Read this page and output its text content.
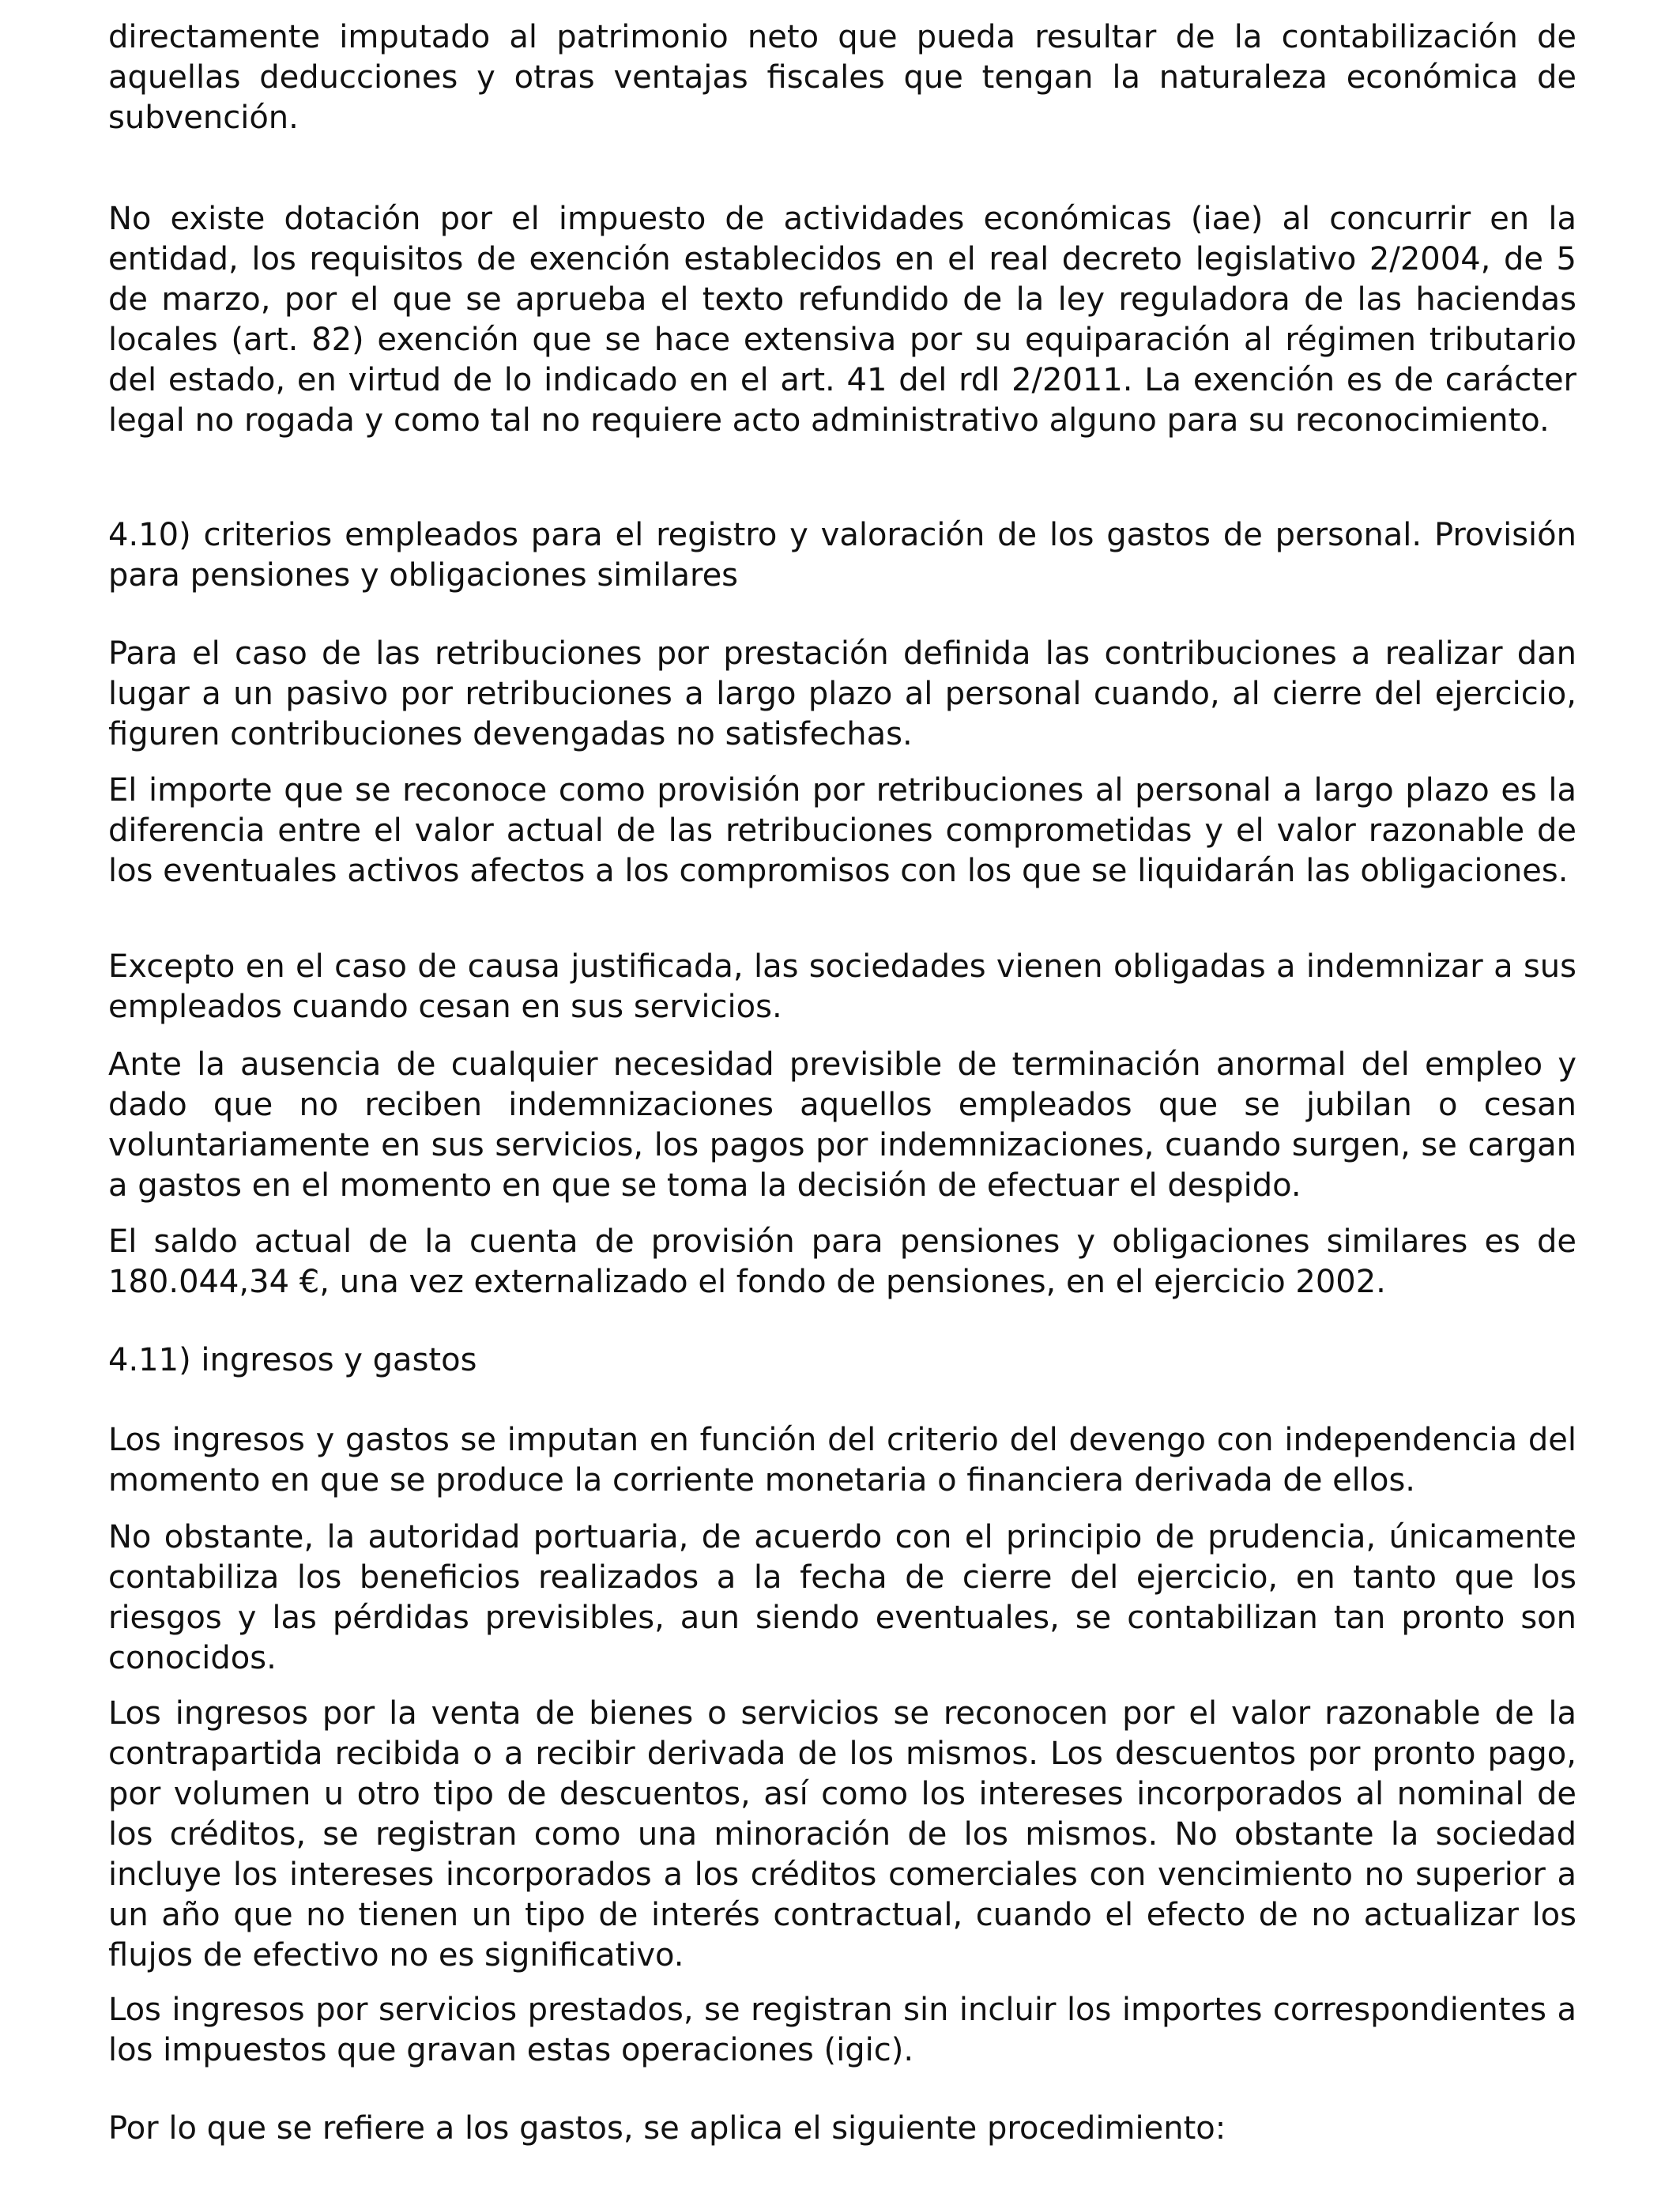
directamente imputado al patrimonio neto que pueda resultar de la contabilización de aquellas deducciones y otras ventajas fiscales que tengan la naturaleza económica de subvención.

No existe dotación por el impuesto de actividades económicas (iae) al concurrir en la entidad, los requisitos de exención establecidos en el real decreto legislativo 2/2004, de 5 de marzo, por el que se aprueba el texto refundido de la ley reguladora de las haciendas locales (art. 82) exención que se hace extensiva por su equiparación al régimen tributario del estado, en virtud de lo indicado en el art. 41 del rdl 2/2011. La exención es de carácter legal no rogada y como tal no requiere acto administrativo alguno para su reconocimiento.

4.10) criterios empleados para el registro y valoración de los gastos de personal. Provisión para pensiones y obligaciones similares

Para el caso de las retribuciones por prestación definida las contribuciones a realizar dan lugar a un pasivo por retribuciones a largo plazo al personal cuando, al cierre del ejercicio, figuren contribuciones devengadas no satisfechas.

El importe que se reconoce como provisión por retribuciones al personal a largo plazo es la diferencia entre el valor actual de las retribuciones comprometidas y el valor razonable de los eventuales activos afectos a los compromisos con los que se liquidarán las obligaciones.

Excepto en el caso de causa justificada, las sociedades vienen obligadas a indemnizar a sus empleados cuando cesan en sus servicios.

Ante la ausencia de cualquier necesidad previsible de terminación anormal del empleo y dado que no reciben indemnizaciones aquellos empleados que se jubilan o cesan voluntariamente en sus servicios, los pagos por indemnizaciones, cuando surgen, se cargan a gastos en el momento en que se toma la decisión de efectuar el despido.

El saldo actual de la cuenta de provisión para pensiones y obligaciones similares es de 180.044,34 €, una vez externalizado el fondo de pensiones, en el ejercicio 2002.

4.11) ingresos y gastos

Los ingresos y gastos se imputan en función del criterio del devengo con independencia del momento en que se produce la corriente monetaria o financiera derivada de ellos.

No obstante, la autoridad portuaria, de acuerdo con el principio de prudencia, únicamente contabiliza los beneficios realizados a la fecha de cierre del ejercicio, en tanto que los riesgos y las pérdidas previsibles, aun siendo eventuales, se contabilizan tan pronto son conocidos.

Los ingresos por la venta de bienes o servicios se reconocen por el valor razonable de la contrapartida recibida o a recibir derivada de los mismos. Los descuentos por pronto pago, por volumen u otro tipo de descuentos, así como los intereses incorporados al nominal de los créditos, se registran como una minoración de los mismos. No obstante la sociedad incluye los intereses incorporados a los créditos comerciales con vencimiento no superior a un año que no tienen un tipo de interés contractual, cuando el efecto de no actualizar los flujos de efectivo no es significativo.

Los ingresos por servicios prestados, se registran sin incluir los importes correspondientes a los impuestos que gravan estas operaciones (igic).

Por lo que se refiere a los gastos, se aplica el siguiente procedimiento:
